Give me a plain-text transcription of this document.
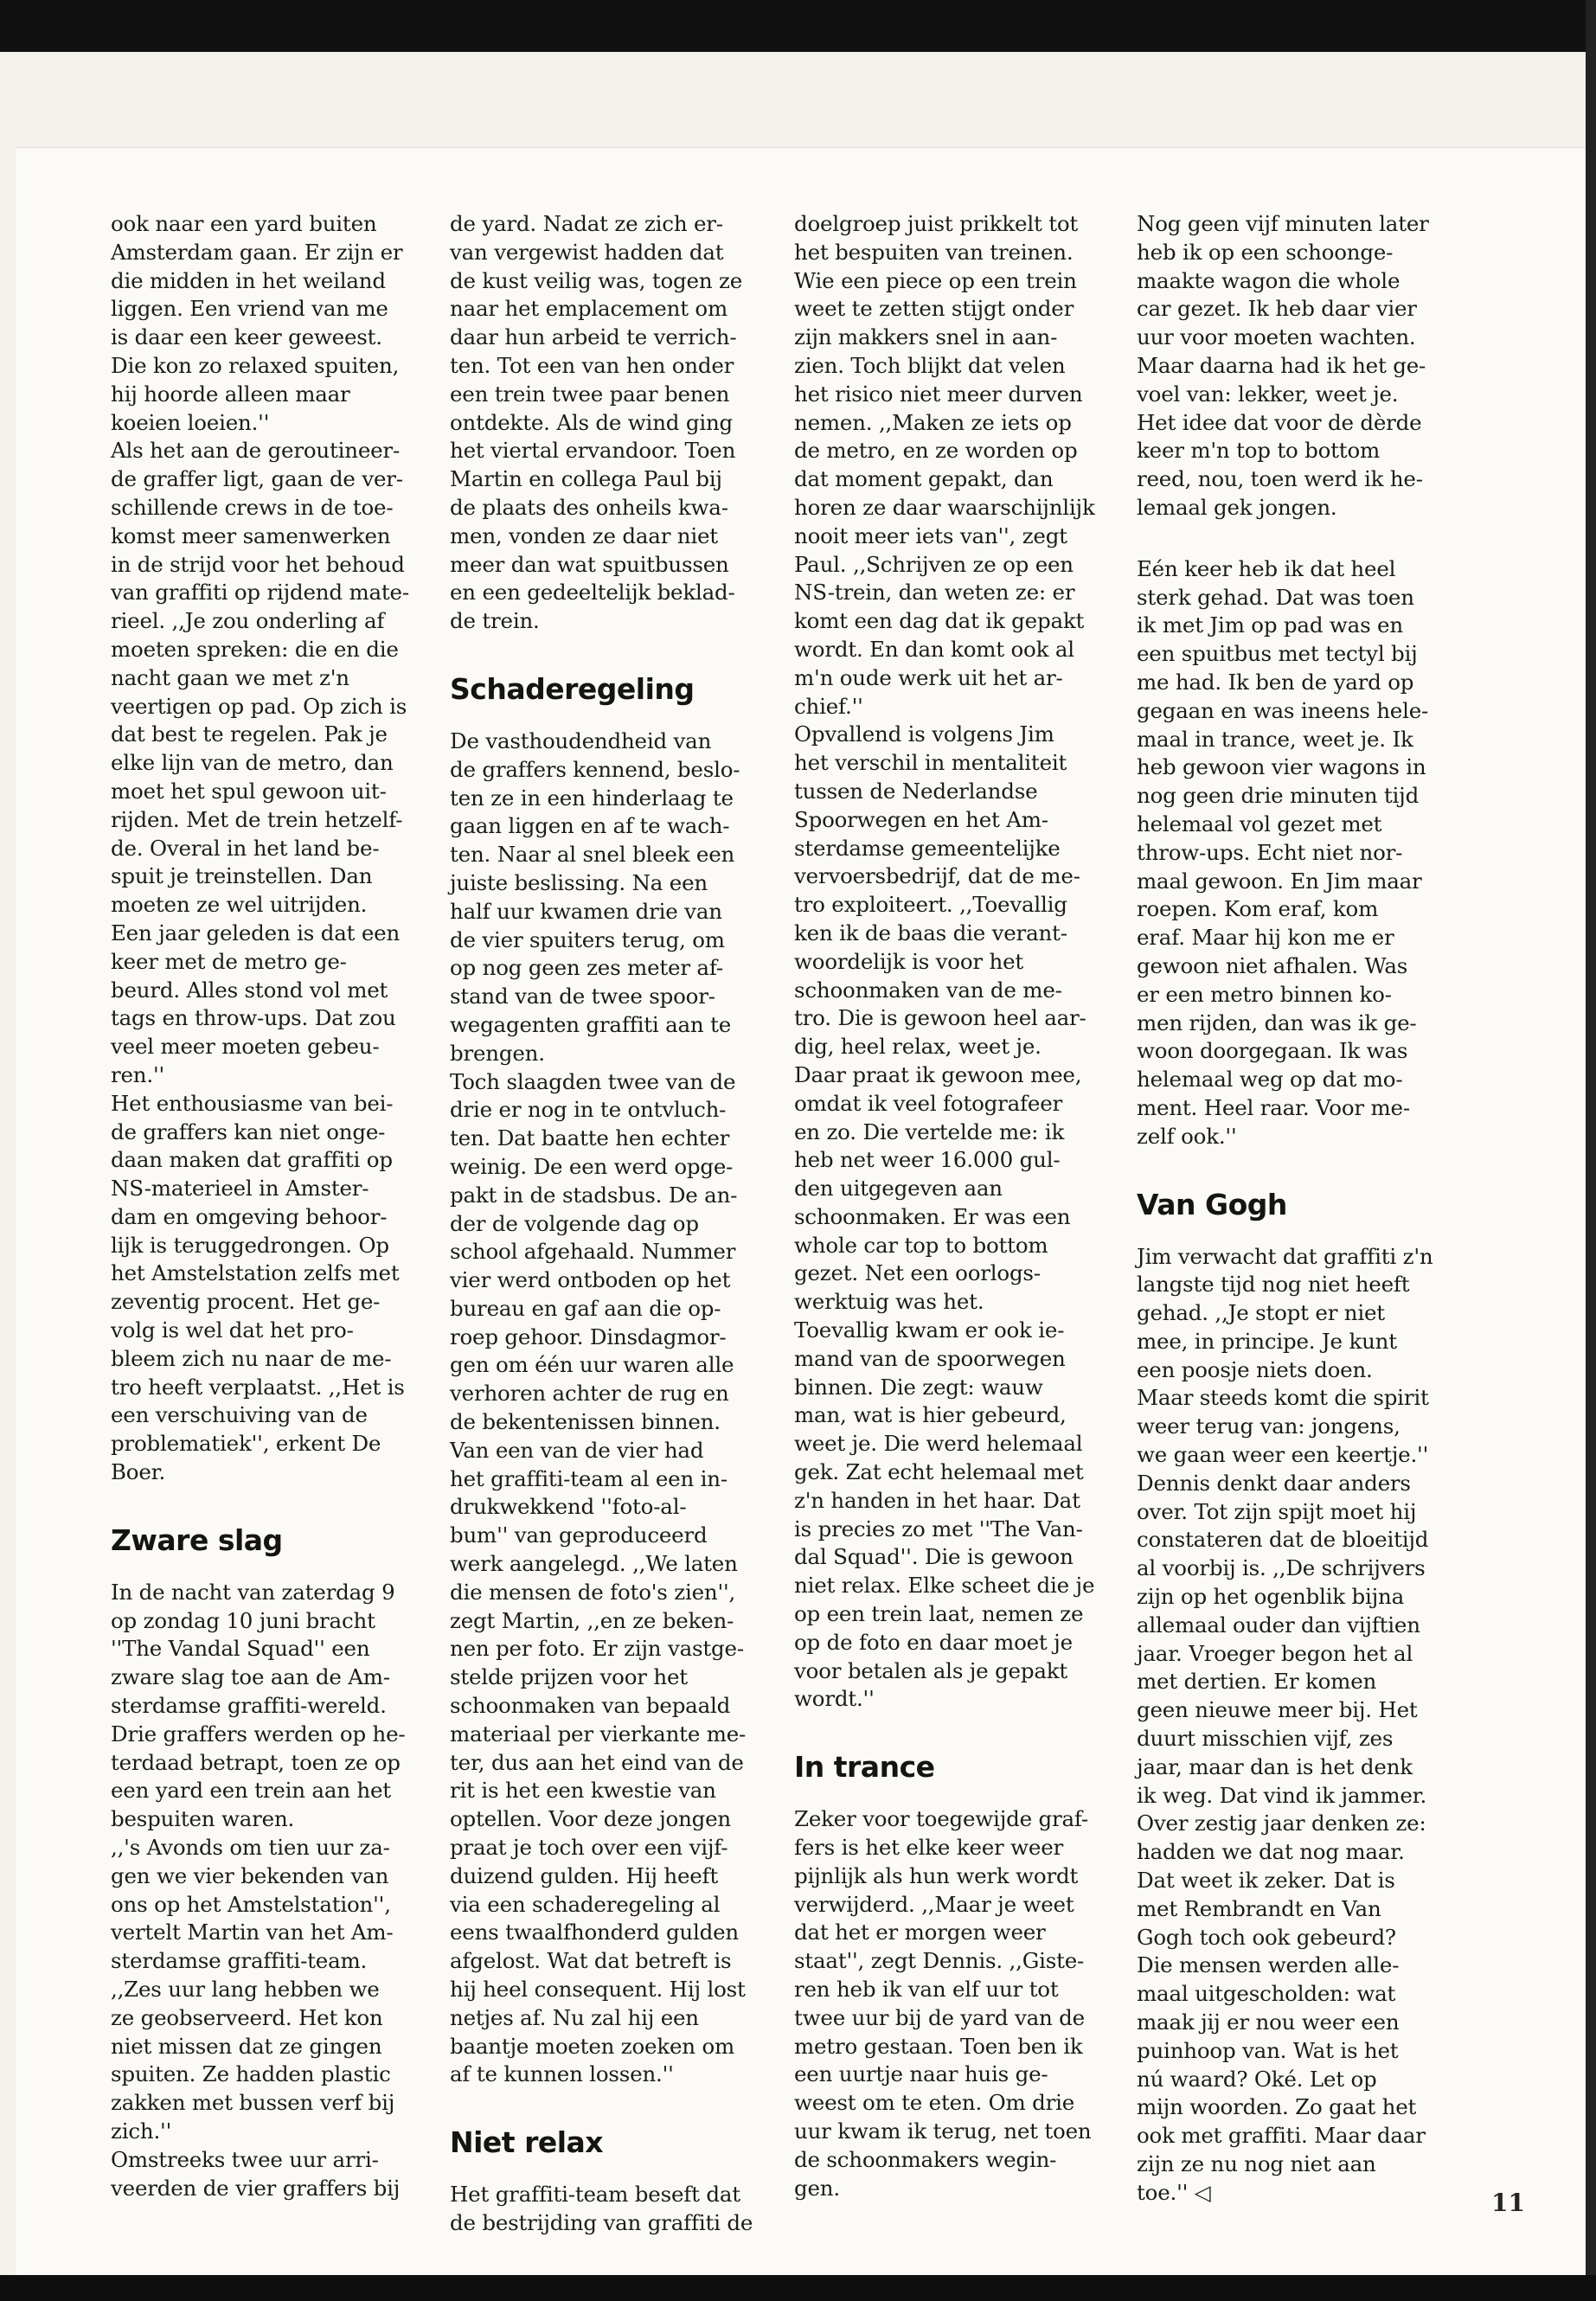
ook naar een yard buiten
Amsterdam gaan. Er zijn er
die midden in het weiland
liggen. Een vriend van me
is daar een keer geweest.
Die kon zo relaxed spuiten,
hij hoorde alleen maar
koeien loeien.''

Als het aan de geroutineer-
de graffer ligt, gaan de ver-
schillende crews in de toe-
komst meer samenwerken
in de strijd voor het behoud
van graffiti op rijdend mate-
rieel. ,,Je zou onderling af
moeten spreken: die en die
nacht gaan we met z'n
veertigen op pad. Op zich is
dat best te regelen. Pak je
elke lijn van de metro, dan
moet het spul gewoon uit-
rijden. Met de trein hetzelf-
de. Overal in het land be-
spuit je treinstellen. Dan
moeten ze wel uitrijden.
Een jaar geleden is dat een
keer met de metro ge-
beurd. Alles stond vol met
tags en throw-ups. Dat zou
veel meer moeten gebeu-
ren.''

Het enthousiasme van bei-
de graffers kan niet onge-
daan maken dat graffiti op
NS-materieel in Amster-
dam en omgeving behoor-
lijk is teruggedrongen. Op
het Amstelstation zelfs met
zeventig procent. Het ge-
volg is wel dat het pro-
bleem zich nu naar de me-
tro heeft verplaatst. ,,Het is
een verschuiving van de
problematiek'', erkent De
Boer.

Zware slag

In de nacht van zaterdag 9
op zondag 10 juni bracht
''The Vandal Squad'' een
zware slag toe aan de Am-
sterdamse graffiti-wereld.
Drie graffers werden op he-
terdaad betrapt, toen ze op
een yard een trein aan het
bespuiten waren.

,,'s Avonds om tien uur za-
gen we vier bekenden van
ons op het Amstelstation'',
vertelt Martin van het Am-
sterdamse graffiti-team.
,,Zes uur lang hebben we
ze geobserveerd. Het kon
niet missen dat ze gingen
spuiten. Ze hadden plastic
zakken met bussen verf bij
zich.''

Omstreeks twee uur arri-
veerden de vier graffers bij

de yard. Nadat ze zich er-
van vergewist hadden dat
de kust veilig was, togen ze
naar het emplacement om
daar hun arbeid te verrich-
ten. Tot een van hen onder
een trein twee paar benen
ontdekte. Als de wind ging
het viertal ervandoor. Toen
Martin en collega Paul bij
de plaats des onheils kwa-
men, vonden ze daar niet
meer dan wat spuitbussen
en een gedeeltelijk beklad-
de trein.

Schaderegeling

De vasthoudendheid van
de graffers kennend, beslo-
ten ze in een hinderlaag te
gaan liggen en af te wach-
ten. Naar al snel bleek een
juiste beslissing. Na een
half uur kwamen drie van
de vier spuiters terug, om
op nog geen zes meter af-
stand van de twee spoor-
wegagenten graffiti aan te
brengen.

Toch slaagden twee van de
drie er nog in te ontvluch-
ten. Dat baatte hen echter
weinig. De een werd opge-
pakt in de stadsbus. De an-
der de volgende dag op
school afgehaald. Nummer
vier werd ontboden op het
bureau en gaf aan die op-
roep gehoor. Dinsdagmor-
gen om één uur waren alle
verhoren achter de rug en
de bekentenissen binnen.

Van een van de vier had
het graffiti-team al een in-
drukwekkend ''foto-al-
bum'' van geproduceerd
werk aangelegd. ,,We laten
die mensen de foto's zien'',
zegt Martin, ,,en ze beken-
nen per foto. Er zijn vastge-
stelde prijzen voor het
schoonmaken van bepaald
materiaal per vierkante me-
ter, dus aan het eind van de
rit is het een kwestie van
optellen. Voor deze jongen
praat je toch over een vijf-
duizend gulden. Hij heeft
via een schaderegeling al
eens twaalfhonderd gulden
afgelost. Wat dat betreft is
hij heel consequent. Hij lost
netjes af. Nu zal hij een
baantje moeten zoeken om
af te kunnen lossen.''

Niet relax

Het graffiti-team beseft dat
de bestrijding van graffiti de

doelgroep juist prikkelt tot
het bespuiten van treinen.
Wie een piece op een trein
weet te zetten stijgt onder
zijn makkers snel in aan-
zien. Toch blijkt dat velen
het risico niet meer durven
nemen. ,,Maken ze iets op
de metro, en ze worden op
dat moment gepakt, dan
horen ze daar waarschijnlijk
nooit meer iets van'', zegt
Paul. ,,Schrijven ze op een
NS-trein, dan weten ze: er
komt een dag dat ik gepakt
wordt. En dan komt ook al
m'n oude werk uit het ar-
chief.''

Opvallend is volgens Jim
het verschil in mentaliteit
tussen de Nederlandse
Spoorwegen en het Am-
sterdamse gemeentelijke
vervoersbedrijf, dat de me-
tro exploiteert. ,,Toevallig
ken ik de baas die verant-
woordelijk is voor het
schoonmaken van de me-
tro. Die is gewoon heel aar-
dig, heel relax, weet je.
Daar praat ik gewoon mee,
omdat ik veel fotografeer
en zo. Die vertelde me: ik
heb net weer 16.000 gul-
den uitgegeven aan
schoonmaken. Er was een
whole car top to bottom
gezet. Net een oorlogs-
werktuig was het.

Toevallig kwam er ook ie-
mand van de spoorwegen
binnen. Die zegt: wauw
man, wat is hier gebeurd,
weet je. Die werd helemaal
gek. Zat echt helemaal met
z'n handen in het haar. Dat
is precies zo met ''The Van-
dal Squad''. Die is gewoon
niet relax. Elke scheet die je
op een trein laat, nemen ze
op de foto en daar moet je
voor betalen als je gepakt
wordt.''

In trance

Zeker voor toegewijde graf-
fers is het elke keer weer
pijnlijk als hun werk wordt
verwijderd. ,,Maar je weet
dat het er morgen weer
staat'', zegt Dennis. ,,Giste-
ren heb ik van elf uur tot
twee uur bij de yard van de
metro gestaan. Toen ben ik
een uurtje naar huis ge-
weest om te eten. Om drie
uur kwam ik terug, net toen
de schoonmakers wegin-
gen.

Nog geen vijf minuten later
heb ik op een schoonge-
maakte wagon die whole
car gezet. Ik heb daar vier
uur voor moeten wachten.
Maar daarna had ik het ge-
voel van: lekker, weet je.
Het idee dat voor de dèrde
keer m'n top to bottom
reed, nou, toen werd ik he-
lemaal gek jongen.

Eén keer heb ik dat heel
sterk gehad. Dat was toen
ik met Jim op pad was en
een spuitbus met tectyl bij
me had. Ik ben de yard op
gegaan en was ineens hele-
maal in trance, weet je. Ik
heb gewoon vier wagons in
nog geen drie minuten tijd
helemaal vol gezet met
throw-ups. Echt niet nor-
maal gewoon. En Jim maar
roepen. Kom eraf, kom
eraf. Maar hij kon me er
gewoon niet afhalen. Was
er een metro binnen ko-
men rijden, dan was ik ge-
woon doorgegaan. Ik was
helemaal weg op dat mo-
ment. Heel raar. Voor me-
zelf ook.''

Van Gogh

Jim verwacht dat graffiti z'n
langste tijd nog niet heeft
gehad. ,,Je stopt er niet
mee, in principe. Je kunt
een poosje niets doen.
Maar steeds komt die spirit
weer terug van: jongens,
we gaan weer een keertje.''
Dennis denkt daar anders
over. Tot zijn spijt moet hij
constateren dat de bloeitijd
al voorbij is. ,,De schrijvers
zijn op het ogenblik bijna
allemaal ouder dan vijftien
jaar. Vroeger begon het al
met dertien. Er komen
geen nieuwe meer bij. Het
duurt misschien vijf, zes
jaar, maar dan is het denk
ik weg. Dat vind ik jammer.
Over zestig jaar denken ze:
hadden we dat nog maar.
Dat weet ik zeker. Dat is
met Rembrandt en Van
Gogh toch ook gebeurd?
Die mensen werden alle-
maal uitgescholden: wat
maak jij er nou weer een
puinhoop van. Wat is het
nú waard? Oké. Let op
mijn woorden. Zo gaat het
ook met graffiti. Maar daar
zijn ze nu nog niet aan
toe.'' ◁	11
